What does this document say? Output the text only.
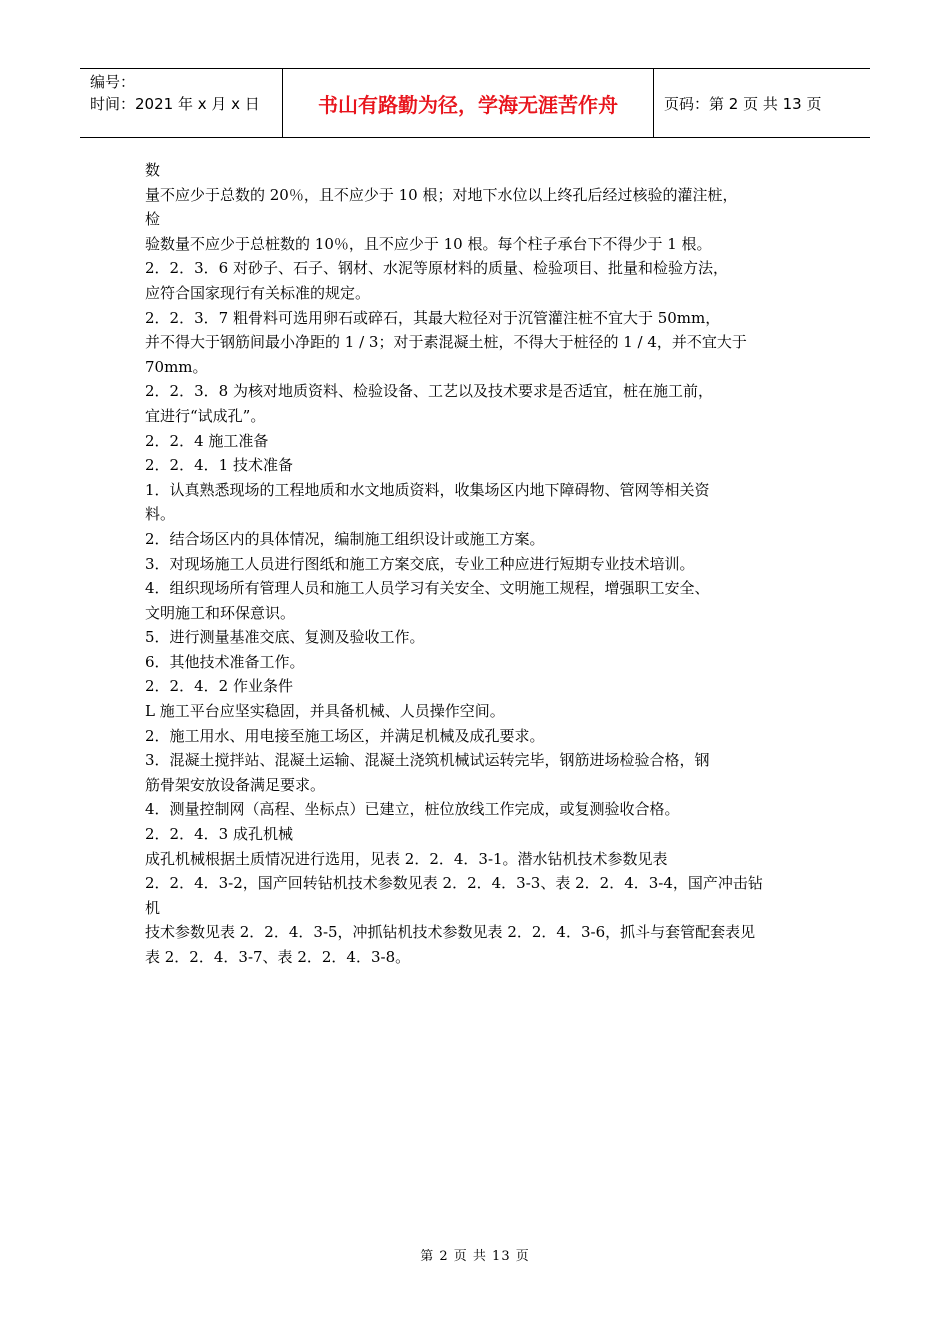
编号：
时间：2021 年 x 月 x 日	书山有路勤为径，学海无涯苦作舟	页码：第 2 页 共 13 页
数
量不应少于总数的 20％，且不应少于 10 根；对地下水位以上终孔后经过核验的灌注桩，
检
验数量不应少于总桩数的 10％，且不应少于 10 根。每个柱子承台下不得少于 1 根。
2．2．3．6 对砂子、石子、钢材、水泥等原材料的质量、检验项目、批量和检验方法，
应符合国家现行有关标准的规定。
2．2．3．7 粗骨料可选用卵石或碎石，其最大粒径对于沉管灌注桩不宜大于 50mm，
并不得大于钢筋间最小净距的 1 / 3；对于素混凝土桩，不得大于桩径的 1 / 4，并不宜大于
70mm。
2．2．3．8 为核对地质资料、检验设备、工艺以及技术要求是否适宜，桩在施工前，
宜进行“试成孔”。
2．2．4 施工准备
2．2．4．1 技术准备
1．认真熟悉现场的工程地质和水文地质资料，收集场区内地下障碍物、管网等相关资
料。
2．结合场区内的具体情况，编制施工组织设计或施工方案。
3．对现场施工人员进行图纸和施工方案交底，专业工种应进行短期专业技术培训。
4．组织现场所有管理人员和施工人员学习有关安全、文明施工规程，增强职工安全、
文明施工和环保意识。
5．进行测量基准交底、复测及验收工作。
6．其他技术准备工作。
2．2．4．2 作业条件
L 施工平台应坚实稳固，并具备机械、人员操作空间。
2．施工用水、用电接至施工场区，并满足机械及成孔要求。
3．混凝土搅拌站、混凝土运输、混凝土浇筑机械试运转完毕，钢筋进场检验合格，钢
筋骨架安放设备满足要求。
4．测量控制网（高程、坐标点）已建立，桩位放线工作完成，或复测验收合格。
2．2．4．3 成孔机械
成孔机械根据土质情况进行选用，见表 2．2．4．3-1。潜水钻机技术参数见表
2．2．4．3-2，国产回转钻机技术参数见表 2．2．4．3-3、表 2．2．4．3-4，国产冲击钻
机
技术参数见表 2．2．4．3-5，冲抓钻机技术参数见表 2．2．4．3-6，抓斗与套管配套表见
表 2．2．4．3-7、表 2．2．4．3-8。
第 2 页 共 13 页
